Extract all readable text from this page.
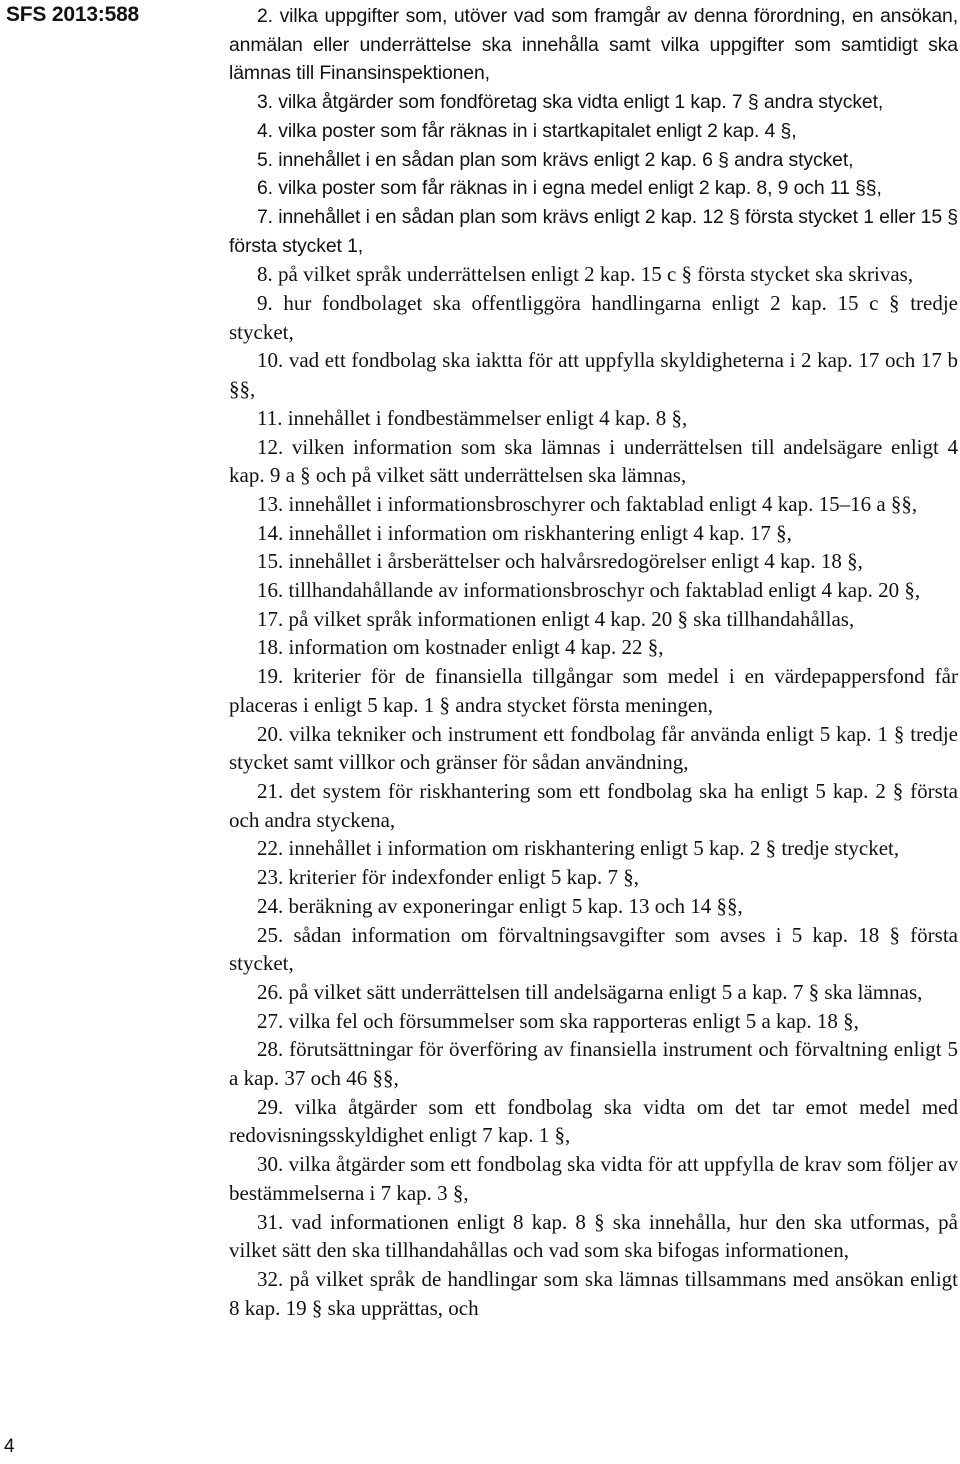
SFS 2013:588	2. vilka uppgifter som, utöver vad som framgår av denna förordning, en ansökan, anmälan eller underrättelse ska innehålla samt vilka uppgifter som samtidigt ska lämnas till Finansinspektionen,

3. vilka åtgärder som fondföretag ska vidta enligt 1 kap. 7 § andra stycket,

4. vilka poster som får räknas in i startkapitalet enligt 2 kap. 4 §,

5. innehållet i en sådan plan som krävs enligt 2 kap. 6 § andra stycket,

6. vilka poster som får räknas in i egna medel enligt 2 kap. 8, 9 och 11 §§,

7. innehållet i en sådan plan som krävs enligt 2 kap. 12 § första stycket 1 eller 15 § första stycket 1,

8. på vilket språk underrättelsen enligt 2 kap. 15 c § första stycket ska skrivas,

9. hur fondbolaget ska offentliggöra handlingarna enligt 2 kap. 15 c § tredje stycket,

10. vad ett fondbolag ska iaktta för att uppfylla skyldigheterna i 2 kap. 17 och 17 b §§,

11. innehållet i fondbestämmelser enligt 4 kap. 8 §,

12. vilken information som ska lämnas i underrättelsen till andelsägare enligt 4 kap. 9 a § och på vilket sätt underrättelsen ska lämnas,

13. innehållet i informationsbroschyrer och faktablad enligt 4 kap. 15–16 a §§,

14. innehållet i information om riskhantering enligt 4 kap. 17 §,

15. innehållet i årsberättelser och halvårsredogörelser enligt 4 kap. 18 §,

16. tillhandahållande av informationsbroschyr och faktablad enligt 4 kap. 20 §,

17. på vilket språk informationen enligt 4 kap. 20 § ska tillhandahållas,

18. information om kostnader enligt 4 kap. 22 §,

19. kriterier för de finansiella tillgångar som medel i en värdepappersfond får placeras i enligt 5 kap. 1 § andra stycket första meningen,

20. vilka tekniker och instrument ett fondbolag får använda enligt 5 kap. 1 § tredje stycket samt villkor och gränser för sådan användning,

21. det system för riskhantering som ett fondbolag ska ha enligt 5 kap. 2 § första och andra styckena,

22. innehållet i information om riskhantering enligt 5 kap. 2 § tredje stycket,

23. kriterier för indexfonder enligt 5 kap. 7 §,

24. beräkning av exponeringar enligt 5 kap. 13 och 14 §§,

25. sådan information om förvaltningsavgifter som avses i 5 kap. 18 § första stycket,

26. på vilket sätt underrättelsen till andelsägarna enligt 5 a kap. 7 § ska lämnas,

27. vilka fel och försummelser som ska rapporteras enligt 5 a kap. 18 §,

28. förutsättningar för överföring av finansiella instrument och förvaltning enligt 5 a kap. 37 och 46 §§,

29. vilka åtgärder som ett fondbolag ska vidta om det tar emot medel med redovisningsskyldighet enligt 7 kap. 1 §,

30. vilka åtgärder som ett fondbolag ska vidta för att uppfylla de krav som följer av bestämmelserna i 7 kap. 3 §,

31. vad informationen enligt 8 kap. 8 § ska innehålla, hur den ska utformas, på vilket sätt den ska tillhandahållas och vad som ska bifogas informationen,

32. på vilket språk de handlingar som ska lämnas tillsammans med ansökan enligt 8 kap. 19 § ska upprättas, och

4
